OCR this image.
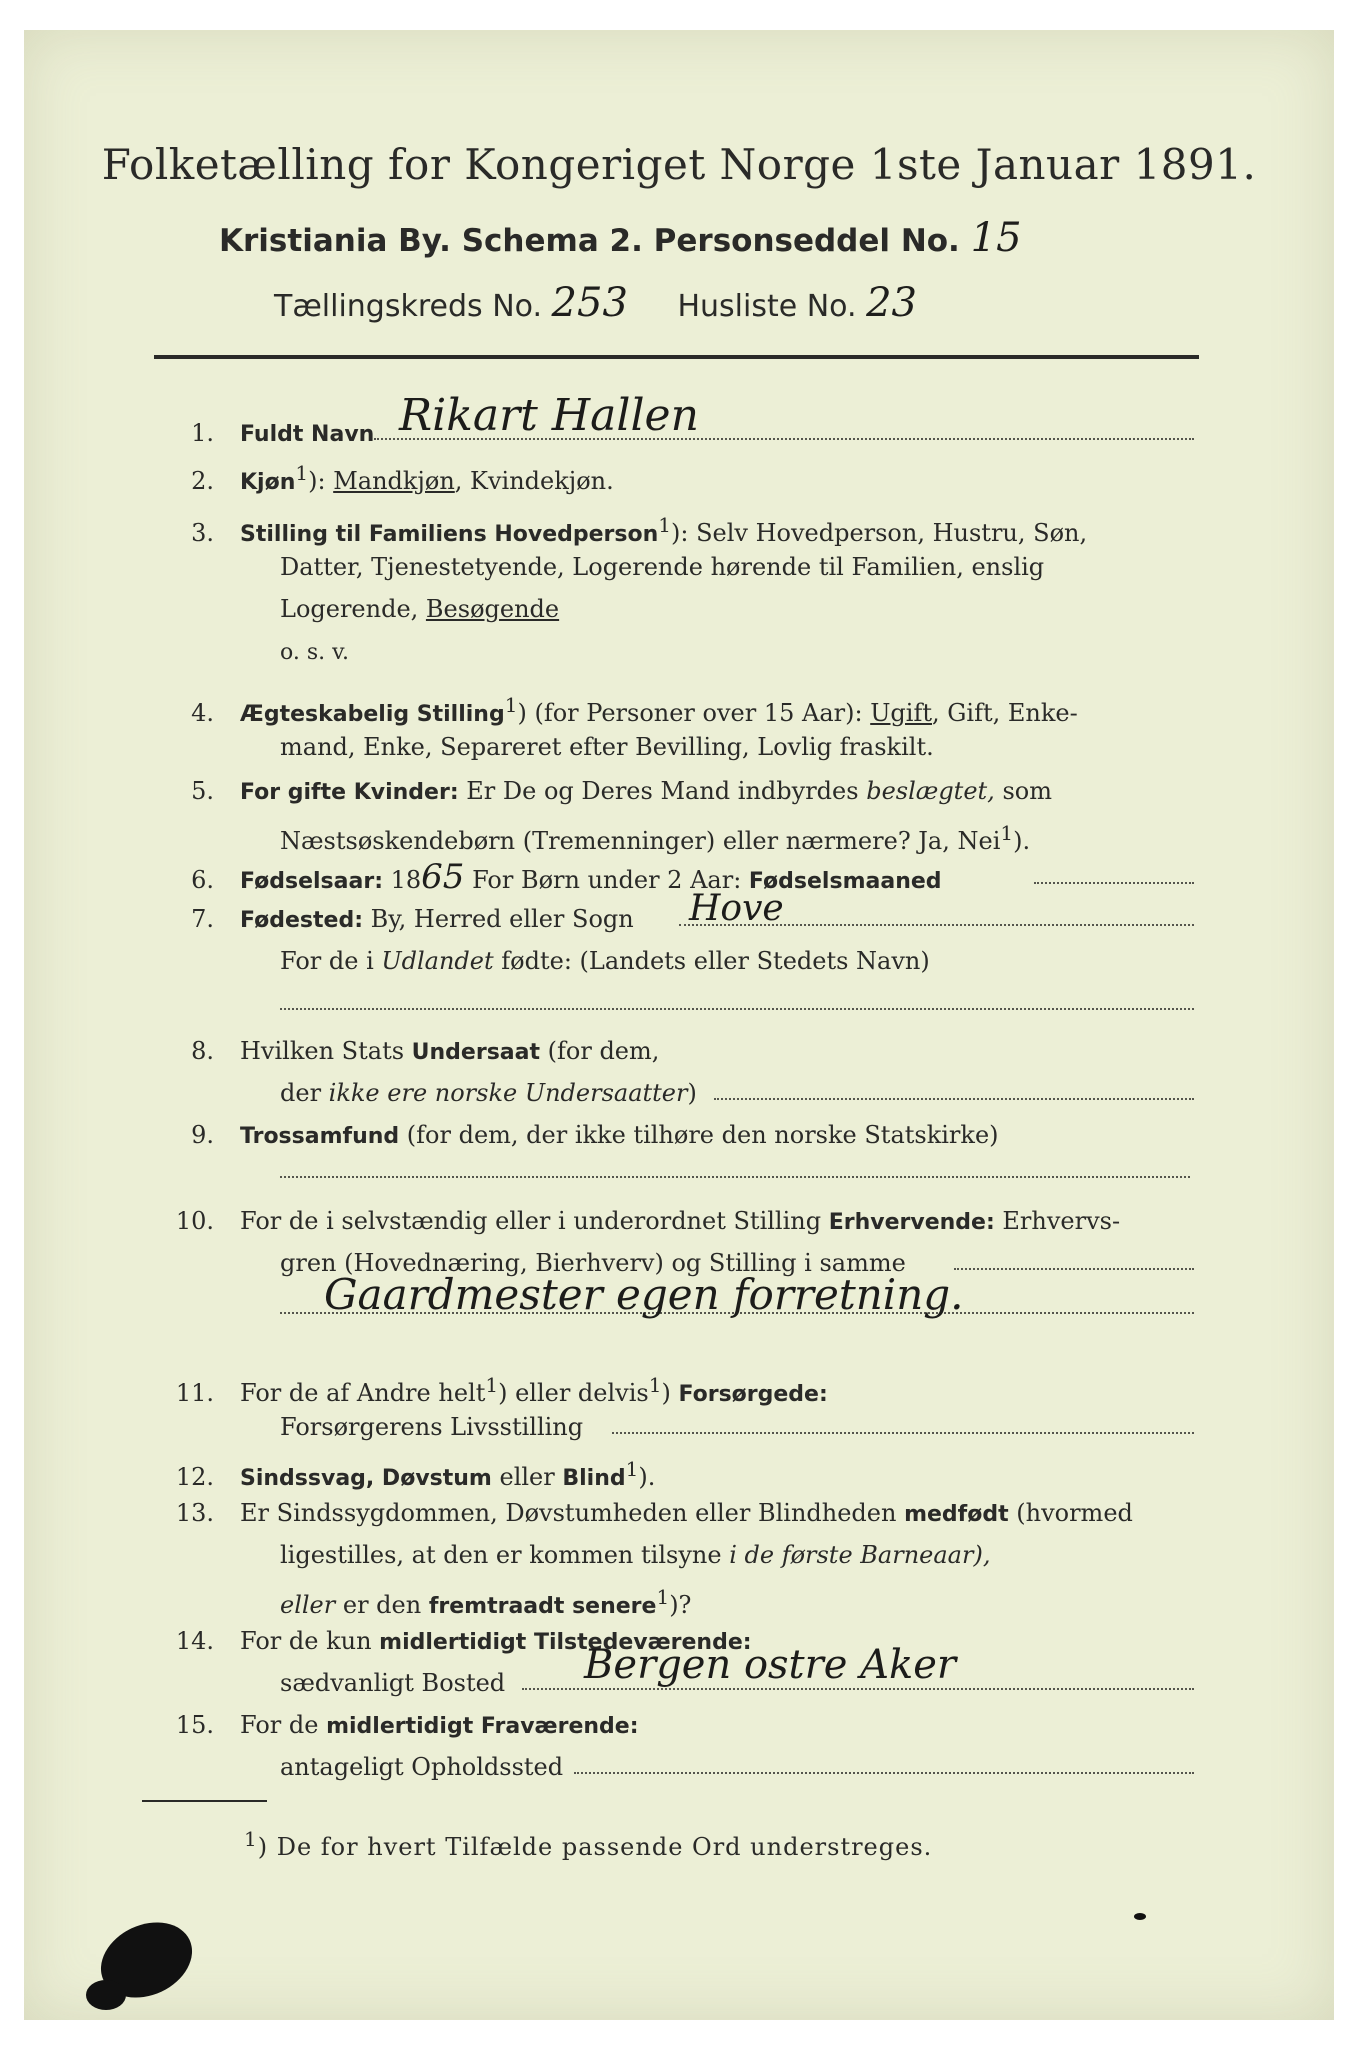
Folketælling for Kongeriget Norge 1ste Januar 1891.
Kristiania By. Schema 2. Personseddel No. 15
Tællingskreds No. 253 Husliste No. 23
1. Fuldt Navn Rikart Hallen
2. Kjøn$^1$): Mandkjøn, Kvindekjøn.
3. Stilling til Familiens Hovedperson$^1$): Selv Hovedperson, Hustru, Søn,
Datter, Tjenestetyende, Logerende hørende til Familien, enslig
Logerende, Besøgende
o. s. v.
4. Ægteskabelig Stilling$^1$) (for Personer over 15 Aar): Ugift, Gift, Enke-
mand, Enke, Separeret efter Bevilling, Lovlig fraskilt.
5. For gifte Kvinder: Er De og Deres Mand indbyrdes beslægtet, som
Næstsøskendebørn (Tremenninger) eller nærmere? Ja, Nei$^1$).
6. Fødselsaar: 1865 For Børn under 2 Aar: Fødselsmaaned
7. Fødested: By, Herred eller Sogn	Hove
For de i Udlandet fødte: (Landets eller Stedets Navn)
8. Hvilken Stats Undersaat (for dem,
der ikke ere norske Undersaatter)
9. Trossamfund (for dem, der ikke tilhøre den norske Statskirke)
10. For de i selvstændig eller i underordnet Stilling Erhvervende: Erhvervs-
gren (Hovednæring, Bierhverv) og Stilling i samme
Gaardmester egen forretning.
11. For de af Andre helt$^1$) eller delvis$^1$) Forsørgede:
Forsørgerens Livsstilling
12. Sindssvag, Døvstum eller Blind$^1$).
13. Er Sindssygdommen, Døvstumheden eller Blindheden medfødt (hvormed
ligestilles, at den er kommen tilsyne i de første Barneaar),
eller er den fremtraadt senere$^1$)?
14. For de kun midlertidigt Tilstedeværende:
sædvanligt Bosted Bergen ostre Aker
15. For de midlertidigt Fraværende:
antageligt Opholdssted
$^1$) De for hvert Tilfælde passende Ord understreges.
